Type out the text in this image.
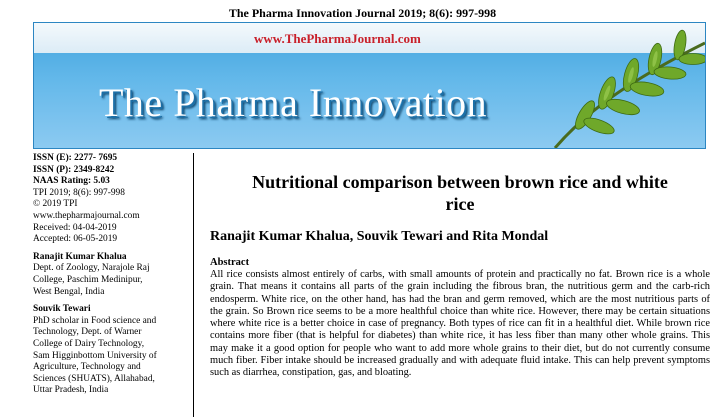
The Pharma Innovation Journal 2019; 8(6): 997-998
www.ThePharmaJournal.com
The Pharma Innovation
ISSN (E): 2277- 7695
ISSN (P): 2349-8242
NAAS Rating: 5.03
TPI 2019; 8(6): 997-998
© 2019 TPI
www.thepharmajournal.com
Received: 04-04-2019
Accepted: 06-05-2019
Ranajit Kumar Khalua
Dept. of Zoology, Narajole Raj
College, Paschim Medinipur,
West Bengal, India
Souvik Tewari
PhD scholar in Food science and
Technology, Dept. of Warner
College of Dairy Technology,
Sam Higginbottom University of
Agriculture, Technology and
Sciences (SHUATS), Allahabad,
Uttar Pradesh, India
Nutritional comparison between brown rice and white
rice
Ranajit Kumar Khalua, Souvik Tewari and Rita Mondal
Abstract
All rice consists almost entirely of carbs, with small amounts of protein and practically no fat. Brown rice is a whole grain. That means it contains all parts of the grain including the fibrous bran, the nutritious germ and the carb-rich endosperm. White rice, on the other hand, has had the bran and germ removed, which are the most nutritious parts of the grain. So Brown rice seems to be a more healthful choice than white rice. However, there may be certain situations where white rice is a better choice in case of pregnancy. Both types of rice can fit in a healthful diet. While brown rice contains more fiber (that is helpful for diabetes) than white rice, it has less fiber than many other whole grains. This may make it a good option for people who want to add more whole grains to their diet, but do not currently consume much fiber. Fiber intake should be increased gradually and with adequate fluid intake. This can help prevent symptoms such as diarrhea, constipation, gas, and bloating.
